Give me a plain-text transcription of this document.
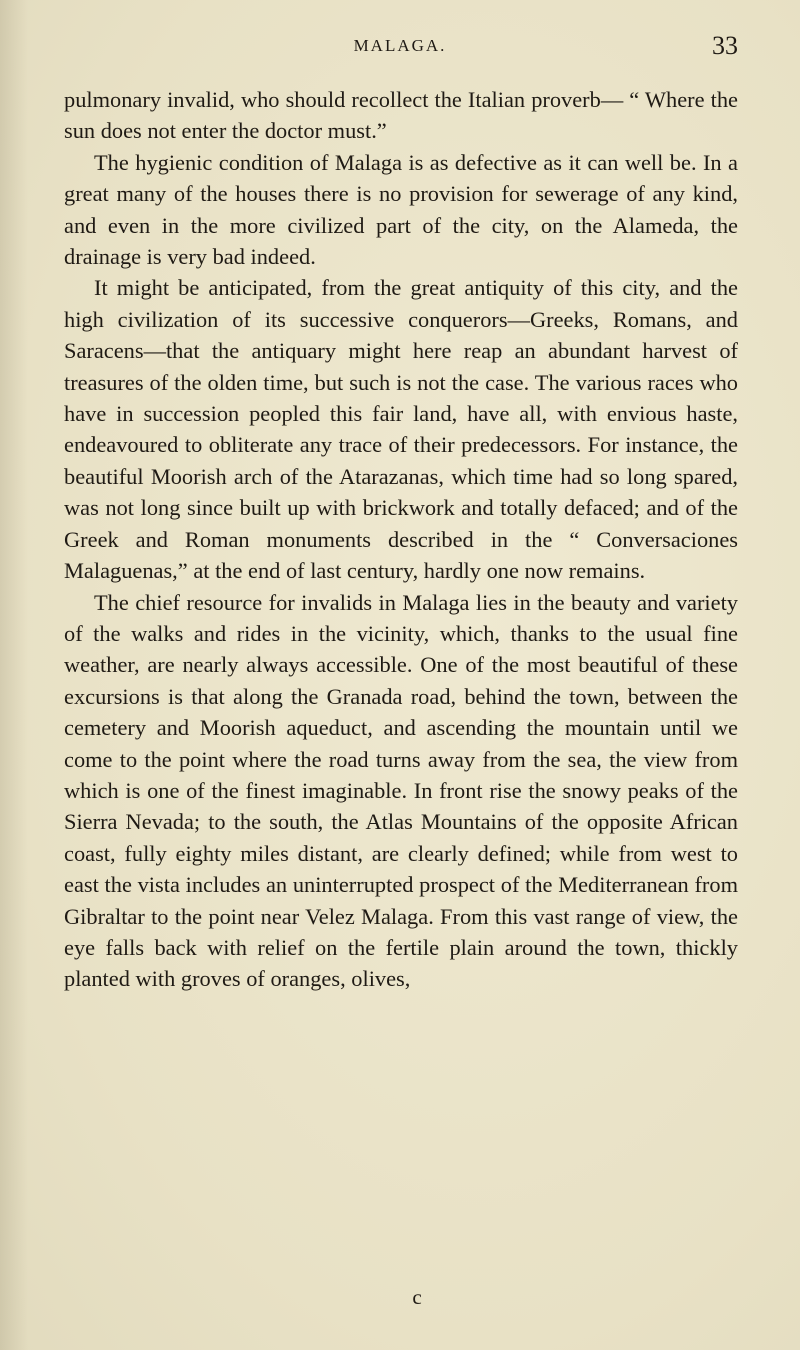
MALAGA.	33

pulmonary invalid, who should recollect the Italian proverb— “ Where the sun does not enter the doctor must.”

The hygienic condition of Malaga is as defective as it can well be. In a great many of the houses there is no provision for sewerage of any kind, and even in the more civilized part of the city, on the Alameda, the drainage is very bad indeed.

It might be anticipated, from the great antiquity of this city, and the high civilization of its successive conquerors—Greeks, Romans, and Saracens—that the antiquary might here reap an abundant harvest of treasures of the olden time, but such is not the case. The various races who have in succession peopled this fair land, have all, with envious haste, endeavoured to obliterate any trace of their predecessors. For instance, the beautiful Moorish arch of the Atarazanas, which time had so long spared, was not long since built up with brickwork and totally defaced; and of the Greek and Roman monuments described in the “ Conversaciones Malaguenas,” at the end of last century, hardly one now remains.

The chief resource for invalids in Malaga lies in the beauty and variety of the walks and rides in the vicinity, which, thanks to the usual fine weather, are nearly always accessible. One of the most beautiful of these excursions is that along the Granada road, behind the town, between the cemetery and Moorish aqueduct, and ascending the mountain until we come to the point where the road turns away from the sea, the view from which is one of the finest imaginable. In front rise the snowy peaks of the Sierra Nevada; to the south, the Atlas Mountains of the opposite African coast, fully eighty miles distant, are clearly defined; while from west to east the vista includes an uninterrupted prospect of the Mediterranean from Gibraltar to the point near Velez Malaga. From this vast range of view, the eye falls back with relief on the fertile plain around the town, thickly planted with groves of oranges, olives,

c
